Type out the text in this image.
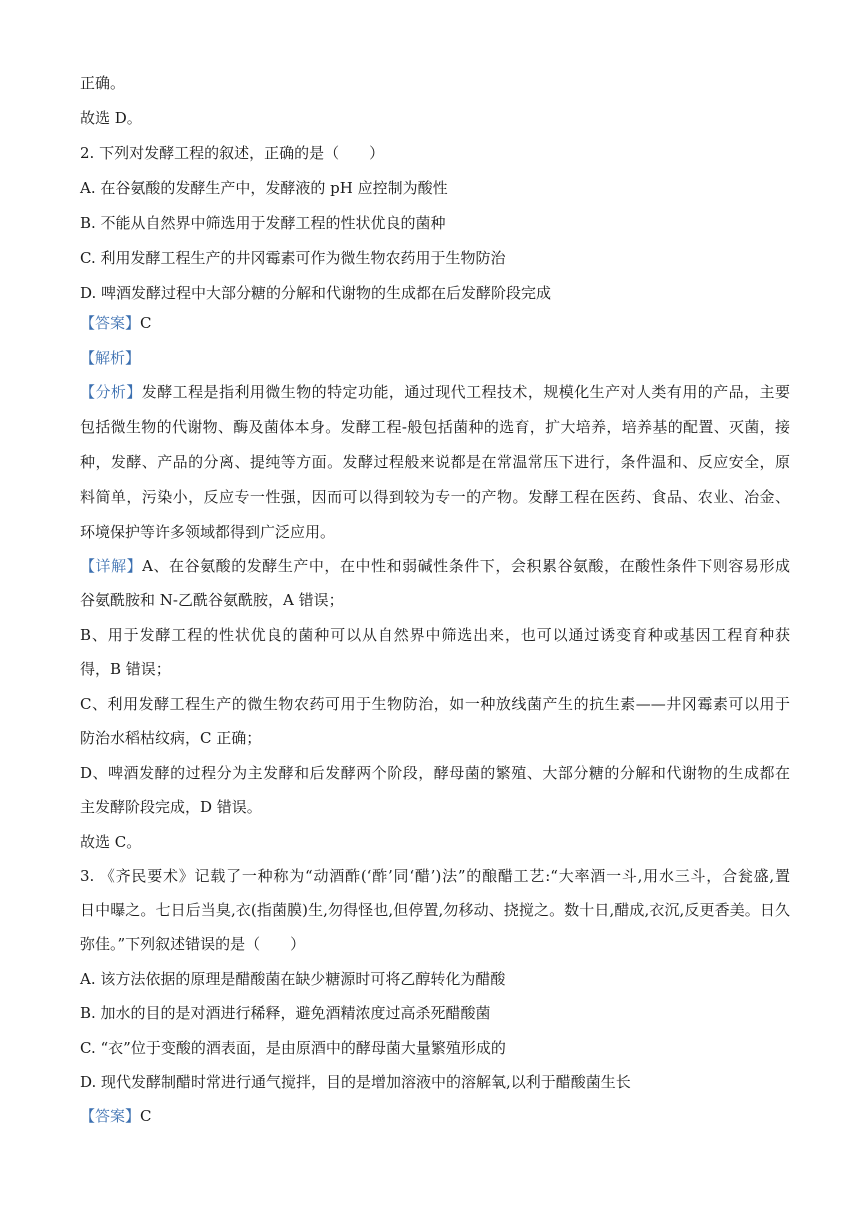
正确。
故选 D。
2. 下列对发酵工程的叙述，正确的是（　　）
A. 在谷氨酸的发酵生产中，发酵液的 pH 应控制为酸性
B. 不能从自然界中筛选用于发酵工程的性状优良的菌种
C. 利用发酵工程生产的井冈霉素可作为微生物农药用于生物防治
D. 啤酒发酵过程中大部分糖的分解和代谢物的生成都在后发酵阶段完成
【答案】C
【解析】
【分析】发酵工程是指利用微生物的特定功能，通过现代工程技术，规模化生产对人类有用的产品，主要
包括微生物的代谢物、酶及菌体本身。发酵工程-般包括菌种的选育，扩大培养，培养基的配置、灭菌，接
种，发酵、产品的分离、提纯等方面。发酵过程般来说都是在常温常压下进行，条件温和、反应安全，原
料简单，污染小，反应专一性强，因而可以得到较为专一的产物。发酵工程在医药、食品、农业、冶金、
环境保护等许多领域都得到广泛应用。
【详解】A、在谷氨酸的发酵生产中，在中性和弱碱性条件下，会积累谷氨酸，在酸性条件下则容易形成
谷氨酰胺和 N-乙酰谷氨酰胺，A 错误；
B、用于发酵工程的性状优良的菌种可以从自然界中筛选出来，也可以通过诱变育种或基因工程育种获
得，B 错误；
C、利用发酵工程生产的微生物农药可用于生物防治，如一种放线菌产生的抗生素——井冈霉素可以用于
防治水稻枯纹病，C 正确；
D、啤酒发酵的过程分为主发酵和后发酵两个阶段，酵母菌的繁殖、大部分糖的分解和代谢物的生成都在
主发酵阶段完成，D 错误。
故选 C。
3. 《齐民要术》记载了一种称为“动酒酢(‘酢’同‘醋’)法”的酿醋工艺:“大率酒一斗,用水三斗，合瓮盛,置
日中曝之。七日后当臭,衣(指菌膜)生,勿得怪也,但停置,勿移动、挠搅之。数十日,醋成,衣沉,反更香美。日久
弥佳。”下列叙述错误的是（　　）
A. 该方法依据的原理是醋酸菌在缺少糖源时可将乙醇转化为醋酸
B. 加水的目的是对酒进行稀释，避免酒精浓度过高杀死醋酸菌
C. “衣”位于变酸的酒表面，是由原酒中的酵母菌大量繁殖形成的
D. 现代发酵制醋时常进行通气搅拌，目的是增加溶液中的溶解氧,以利于醋酸菌生长
【答案】C
